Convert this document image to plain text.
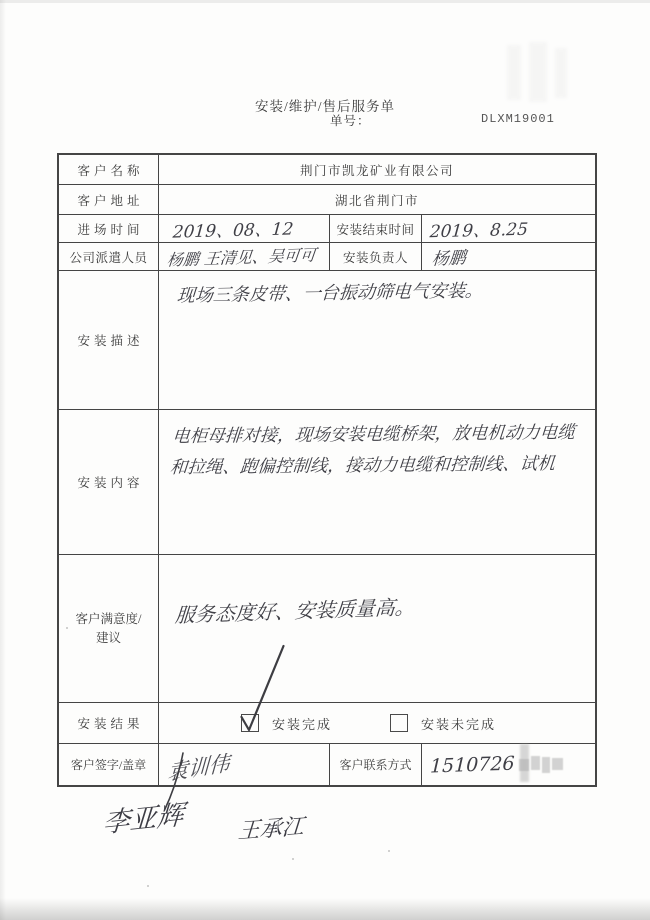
安装/维护/售后服务单
单号：	DLXM19001
客户名称	荆门市凯龙矿业有限公司
客户地址	湖北省荆门市
进场时间	2019、08、12	安装结束时间 2019、8.25
公司派遣人员	杨鹏 王清见、吴可可	安装负责人	杨鹏
安装描述
现场三条皮带、一台振动筛电气安装。
安装内容
电柜母排对接，现场安装电缆桥架，放电机动力电缆
和拉绳、跑偏控制线，接动力电缆和控制线、试机
客户满意度/
建议
服务态度好、安装质量高。
安装结果	安装完成	安装未完成
客户签字/盖章 袁训伟	客户联系方式 1510726
李亚辉 王承江
